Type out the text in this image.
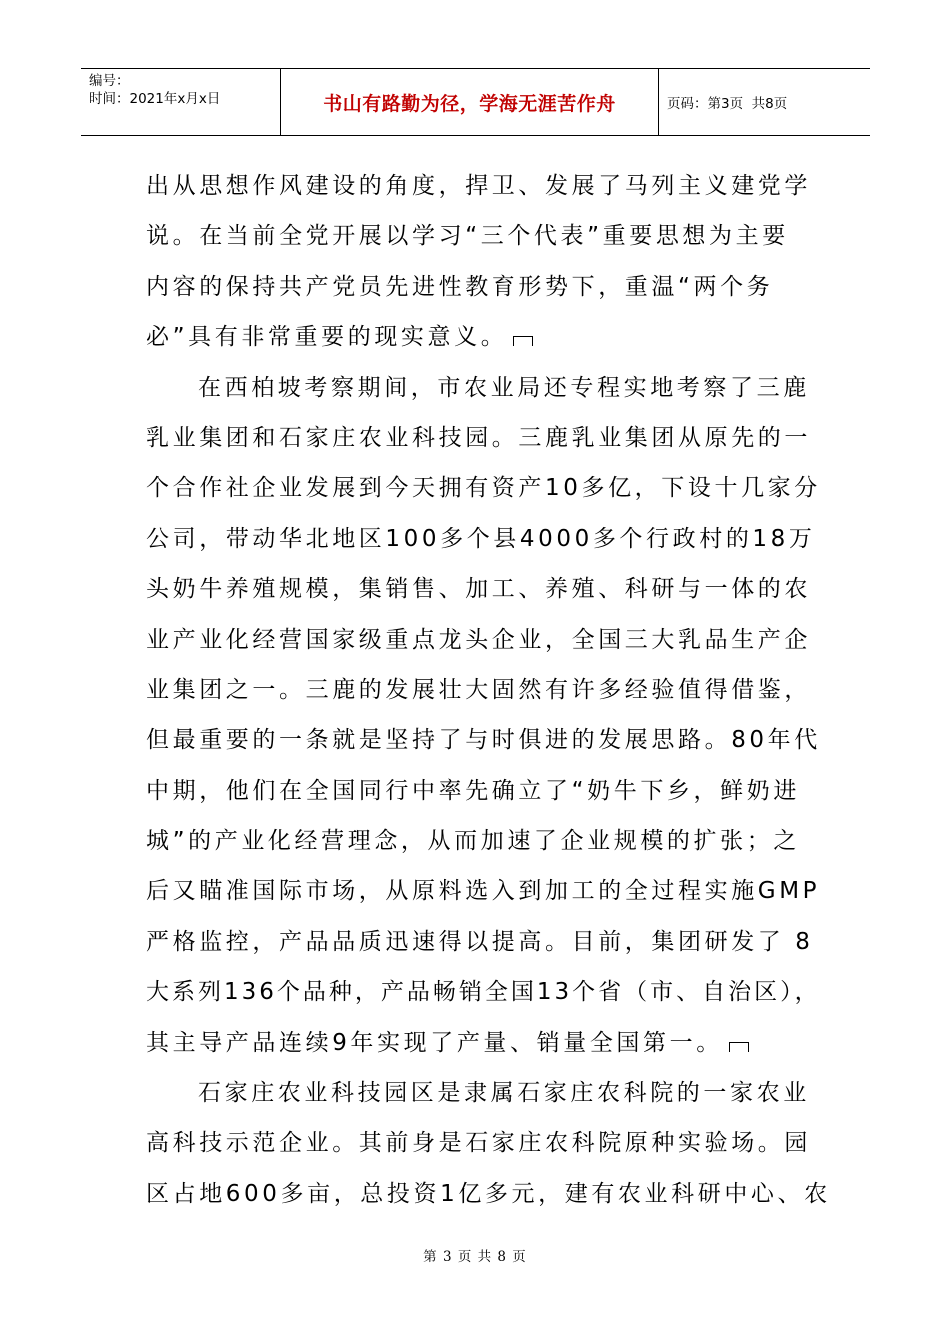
编号：
时间：2021年x月x日	书山有路勤为径，学海无涯苦作舟	页码：第3页  共8页
出从思想作风建设的角度，捍卫、发展了马列主义建党学
说。在当前全党开展以学习“三个代表”重要思想为主要
内容的保持共产党员先进性教育形势下，重温“两个务
必”具有非常重要的现实意义。
在西柏坡考察期间，市农业局还专程实地考察了三鹿
乳业集团和石家庄农业科技园。三鹿乳业集团从原先的一
个合作社企业发展到今天拥有资产10多亿，下设十几家分
公司，带动华北地区100多个县4000多个行政村的18万
头奶牛养殖规模，集销售、加工、养殖、科研与一体的农
业产业化经营国家级重点龙头企业，全国三大乳品生产企
业集团之一。三鹿的发展壮大固然有许多经验值得借鉴，
但最重要的一条就是坚持了与时俱进的发展思路。80年代
中期，他们在全国同行中率先确立了“奶牛下乡，鲜奶进
城”的产业化经营理念，从而加速了企业规模的扩张；之
后又瞄准国际市场，从原料选入到加工的全过程实施GMP
严格监控，产品品质迅速得以提高。目前，集团研发了 8
大系列136个品种，产品畅销全国13个省（市、自治区），
其主导产品连续9年实现了产量、销量全国第一。
石家庄农业科技园区是隶属石家庄农科院的一家农业
高科技示范企业。其前身是石家庄农科院原种实验场。园
区占地600多亩，总投资1亿多元，建有农业科研中心、农
第 3 页 共 8 页
